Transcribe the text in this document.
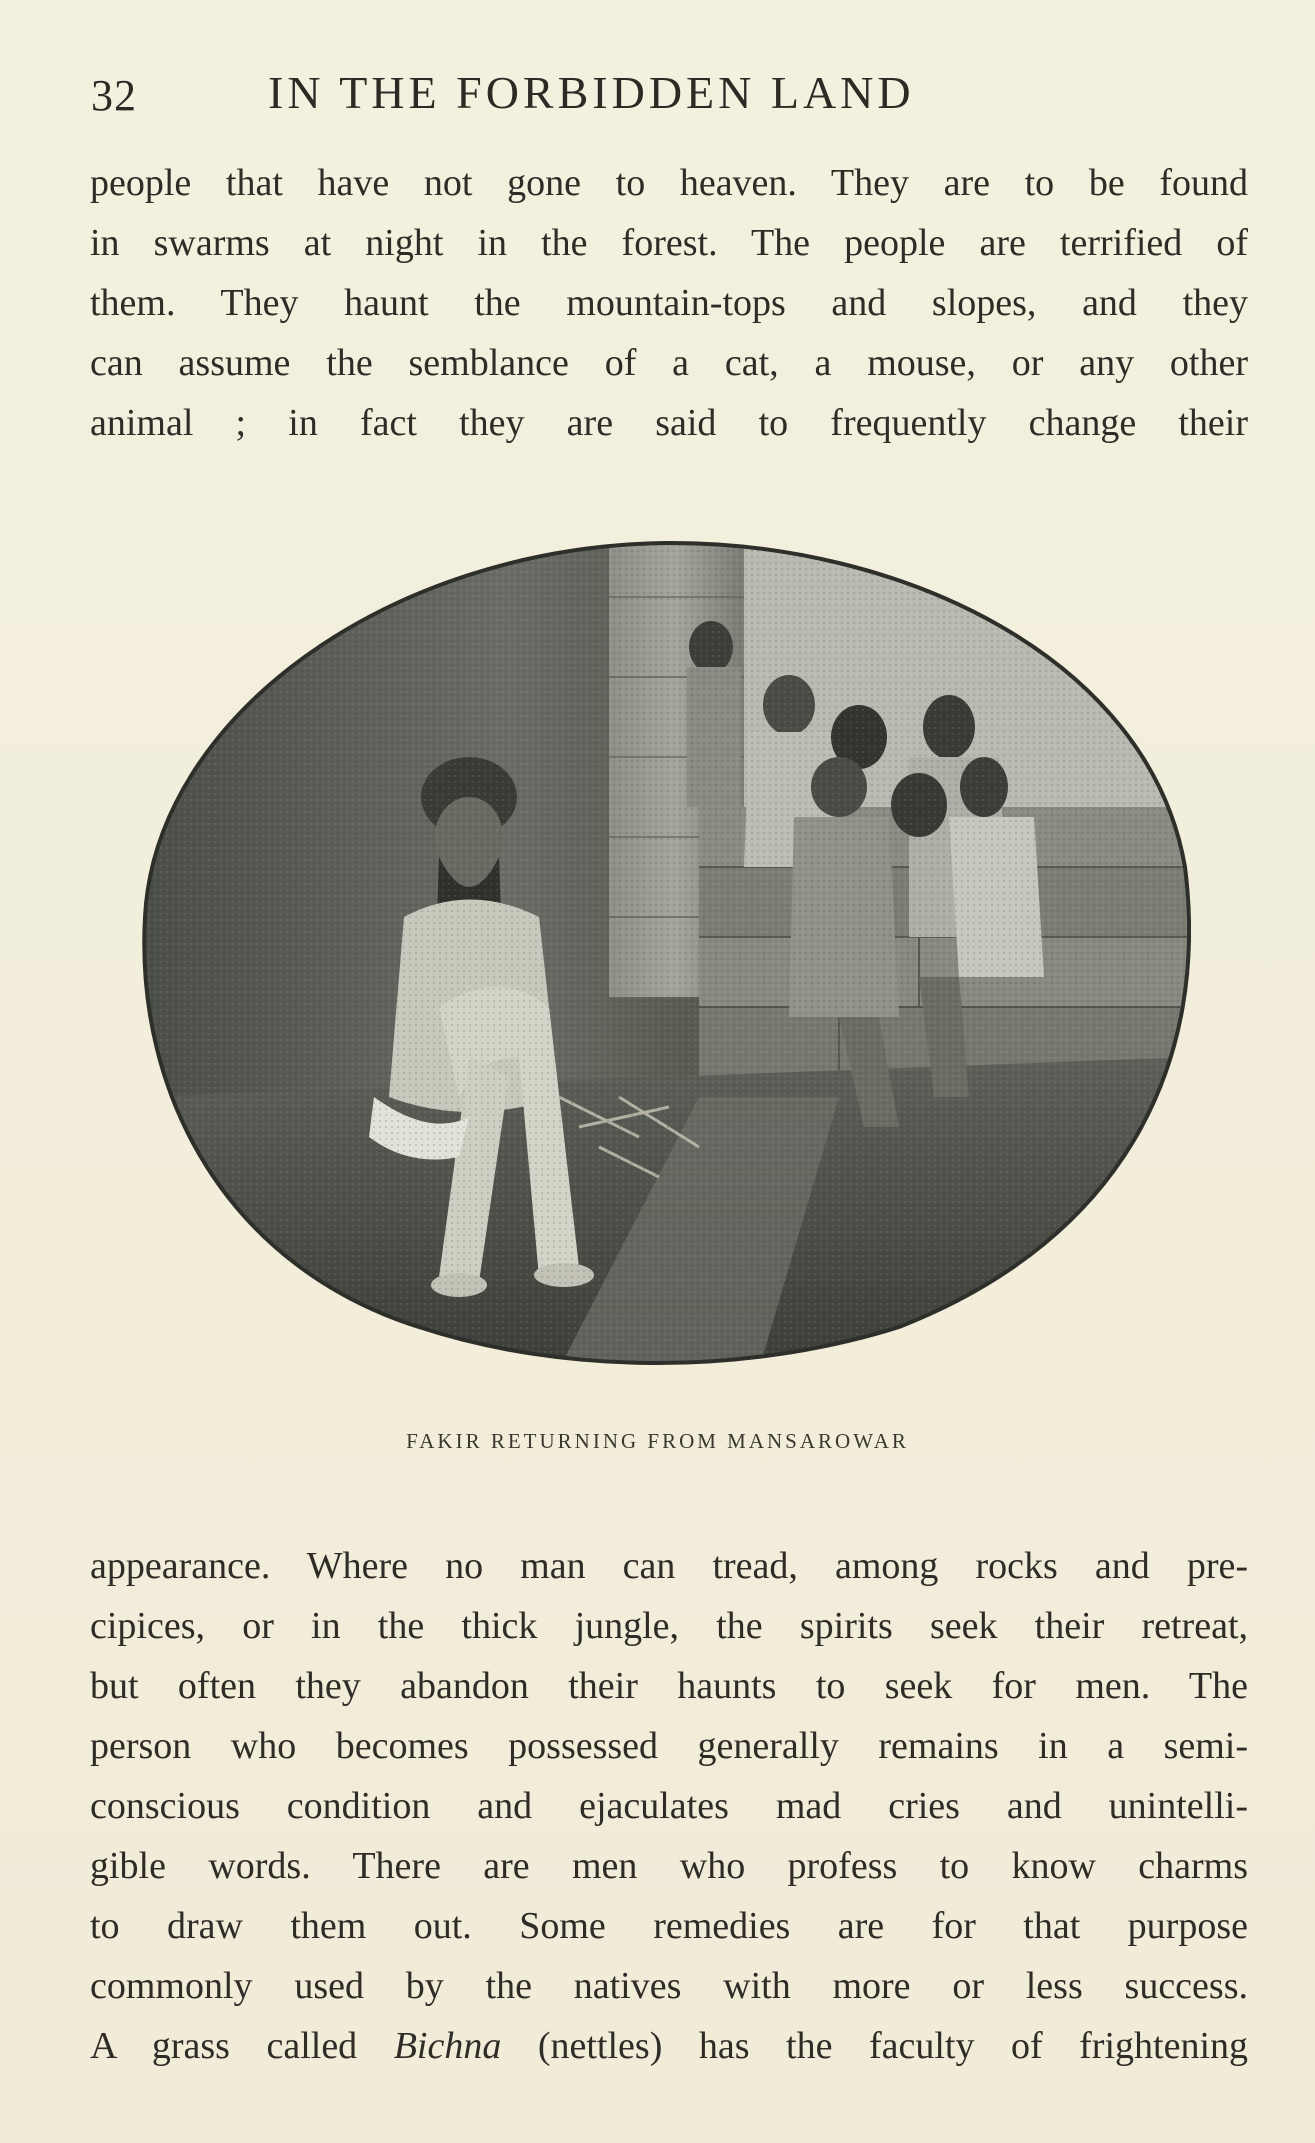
32	IN THE FORBIDDEN LAND
people that have not gone to heaven. They are to be found
in swarms at night in the forest. The people are terrified of
them. They haunt the mountain-tops and slopes, and they
can assume the semblance of a cat, a mouse, or any other
animal ; in fact they are said to frequently change their
FAKIR RETURNING FROM MANSAROWAR
appearance. Where no man can tread, among rocks and pre-
cipices, or in the thick jungle, the spirits seek their retreat,
but often they abandon their haunts to seek for men. The
person who becomes possessed generally remains in a semi-
conscious condition and ejaculates mad cries and unintelli-
gible words. There are men who profess to know charms
to draw them out. Some remedies are for that purpose
commonly used by the natives with more or less success.
A grass called Bichna (nettles) has the faculty of frightening
